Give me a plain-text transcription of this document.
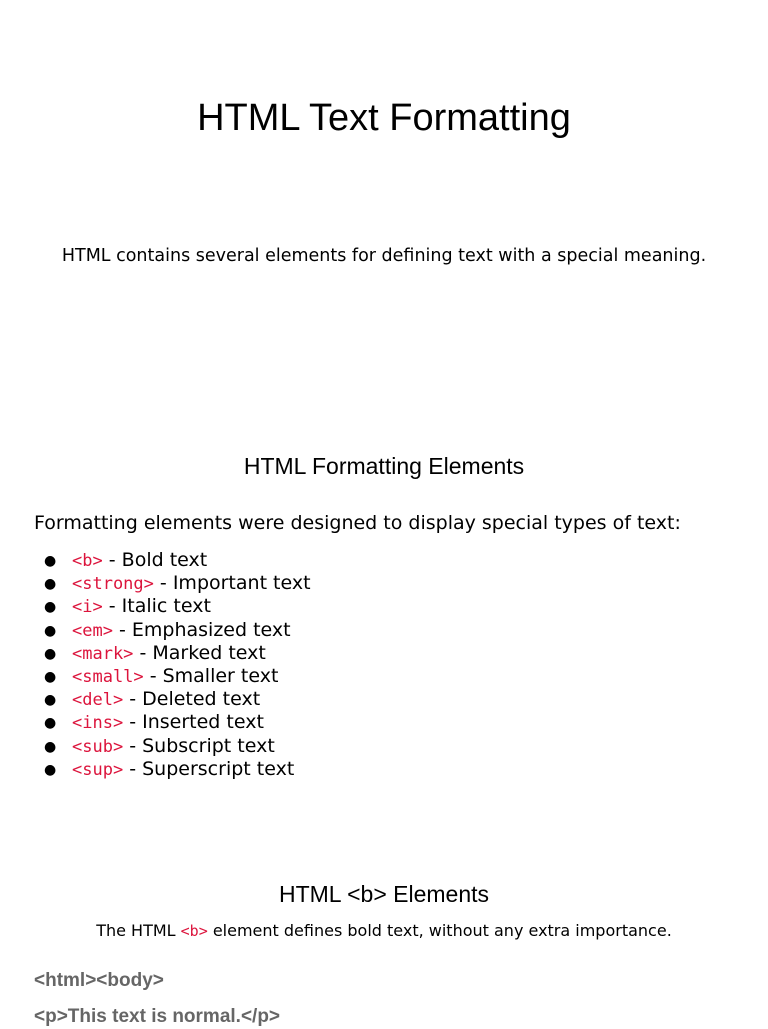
HTML Text Formatting

HTML contains several elements for defining text with a special meaning.

HTML Formatting Elements

Formatting elements were designed to display special types of text:

● <b> - Bold text
● <strong> - Important text
● <i> - Italic text
● <em> - Emphasized text
● <mark> - Marked text
● <small> - Smaller text
● <del> - Deleted text
● <ins> - Inserted text
● <sub> - Subscript text
● <sup> - Superscript text
HTML <b> Elements

The HTML <b> element defines bold text, without any extra importance.

<html><body>

<p>This text is normal.</p>
